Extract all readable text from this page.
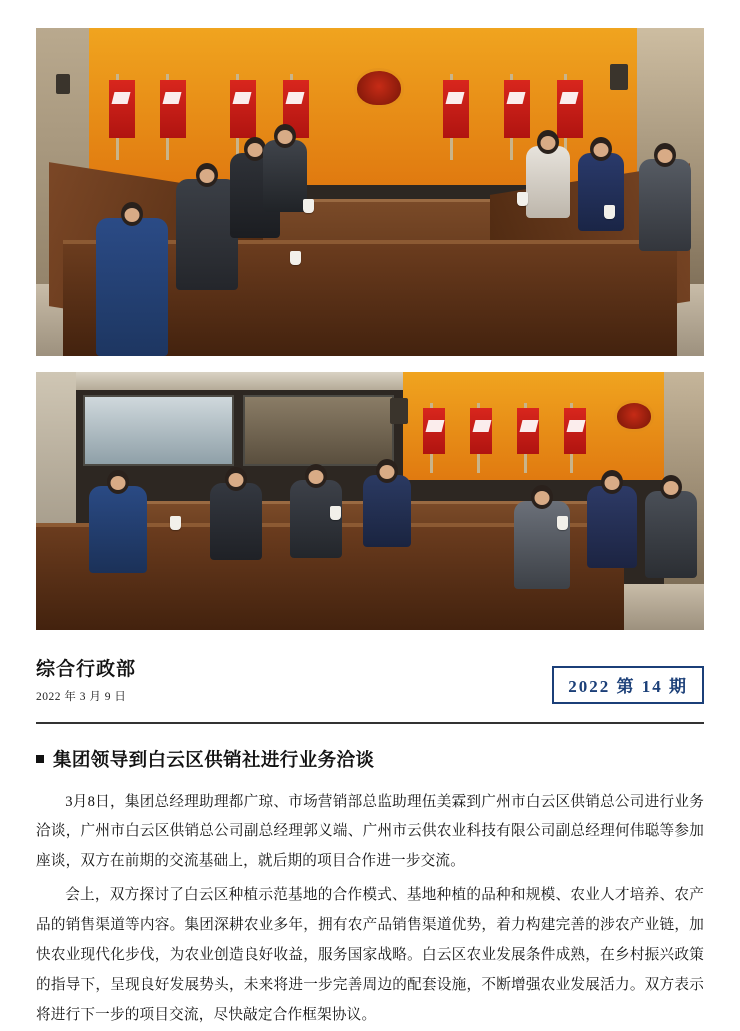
综合行政部
2022 年 3 月 9 日
2022 第 14 期
集团领导到白云区供销社进行业务洽谈

3月8日，集团总经理助理都广琼、市场营销部总监助理伍美霖到广州市白云区供销总公司进行业务洽谈，广州市白云区供销总公司副总经理郭义端、广州市云供农业科技有限公司副总经理何伟聪等参加座谈，双方在前期的交流基础上，就后期的项目合作进一步交流。

会上，双方探讨了白云区种植示范基地的合作模式、基地种植的品种和规模、农业人才培养、农产品的销售渠道等内容。集团深耕农业多年，拥有农产品销售渠道优势，着力构建完善的涉农产业链，加快农业现代化步伐，为农业创造良好收益，服务国家战略。白云区农业发展条件成熟，在乡村振兴政策的指导下，呈现良好发展势头，未来将进一步完善周边的配套设施，不断增强农业发展活力。双方表示将进行下一步的项目交流，尽快敲定合作框架协议。
